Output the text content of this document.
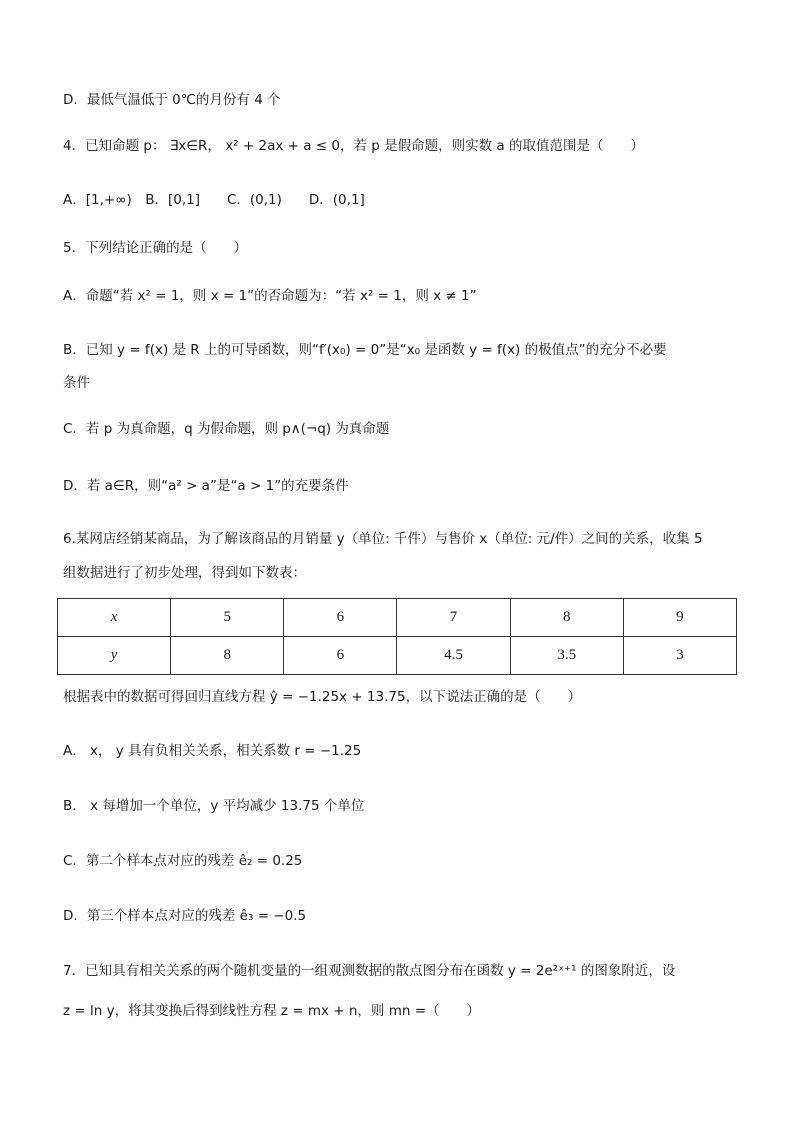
D．最低气温低于 0℃的月份有 4 个
4．已知命题 p： ∃x∈R， x² + 2ax + a ≤ 0，若 p 是假命题，则实数 a 的取值范围是（　　）
A．[1,+∞)　B．[0,1]　　C．(0,1)　　D．(0,1]
5．下列结论正确的是（　　）
A．命题“若 x² = 1，则 x = 1”的否命题为：“若 x² = 1，则 x ≠ 1”
B．已知 y = f(x) 是 R 上的可导函数，则“f′(x₀) = 0”是“x₀ 是函数 y = f(x) 的极值点”的充分不必要
条件
C．若 p 为真命题，q 为假命题，则 p∧(¬q) 为真命题
D．若 a∈R，则“a² > a”是“a > 1”的充要条件
6.某网店经销某商品，为了解该商品的月销量 y（单位: 千件）与售价 x（单位: 元/件）之间的关系，收集 5
组数据进行了初步处理，得到如下数表：
x	5	6	7	8	9
y	8	6	4.5	3.5	3
根据表中的数据可得回归直线方程 ŷ = −1.25x + 13.75，以下说法正确的是（　　）
A． x， y 具有负相关关系，相关系数 r = −1.25
B． x 每增加一个单位，y 平均减少 13.75 个单位
C．第二个样本点对应的残差 ê₂ = 0.25
D．第三个样本点对应的残差 ê₃ = −0.5
7．已知具有相关关系的两个随机变量的一组观测数据的散点图分布在函数 y = 2e²ˣ⁺¹ 的图象附近，设
z = ln y，将其变换后得到线性方程 z = mx + n，则 mn =（　　）
